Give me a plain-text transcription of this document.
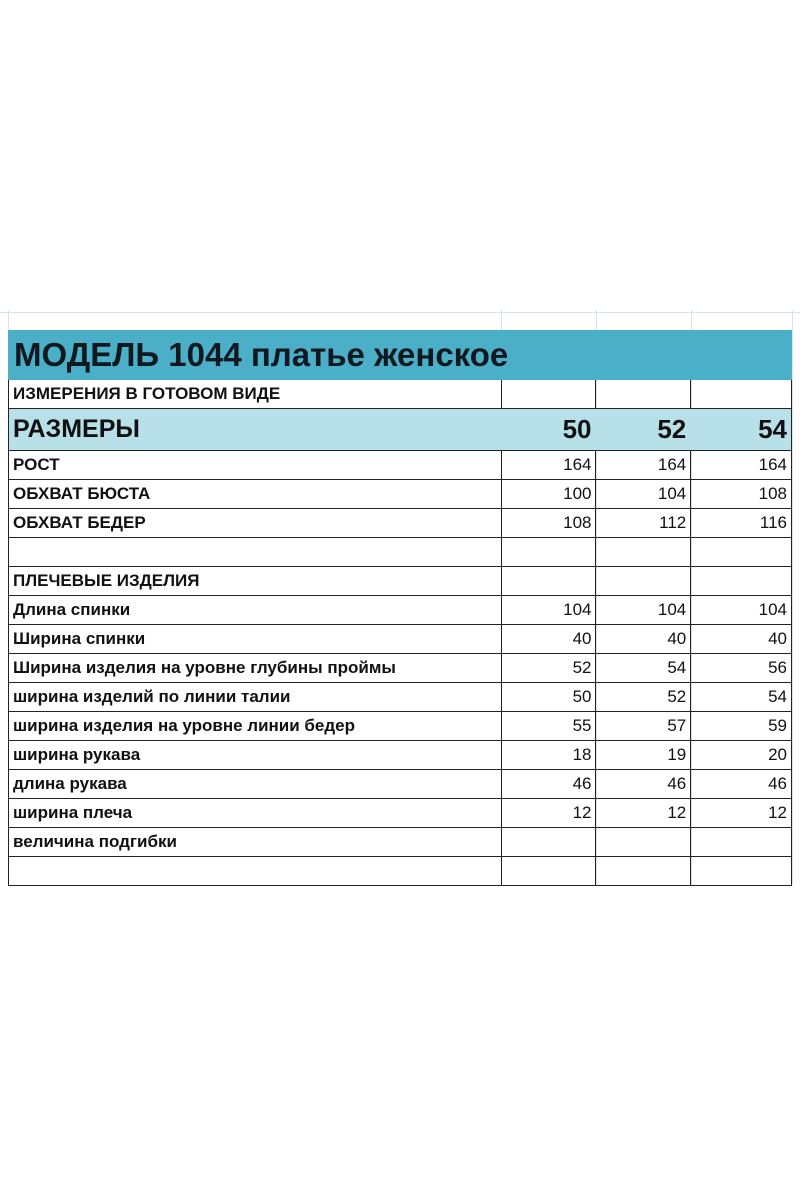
МОДЕЛЬ 1044 платье женское
ИЗМЕРЕНИЯ В ГОТОВОМ ВИДЕ
РАЗМЕРЫ	50	52	54
РОСТ	164	164	164
ОБХВАТ БЮСТА	100	104	108
ОБХВАТ БЕДЕР	108	112	116
ПЛЕЧЕВЫЕ ИЗДЕЛИЯ
Длина спинки	104	104	104
Ширина спинки	40	40	40
Ширина изделия на уровне глубины проймы	52	54	56
ширина изделий по линии талии	50	52	54
ширина изделия на уровне линии бедер	55	57	59
ширина рукава	18	19	20
длина рукава	46	46	46
ширина плеча	12	12	12
величина подгибки
